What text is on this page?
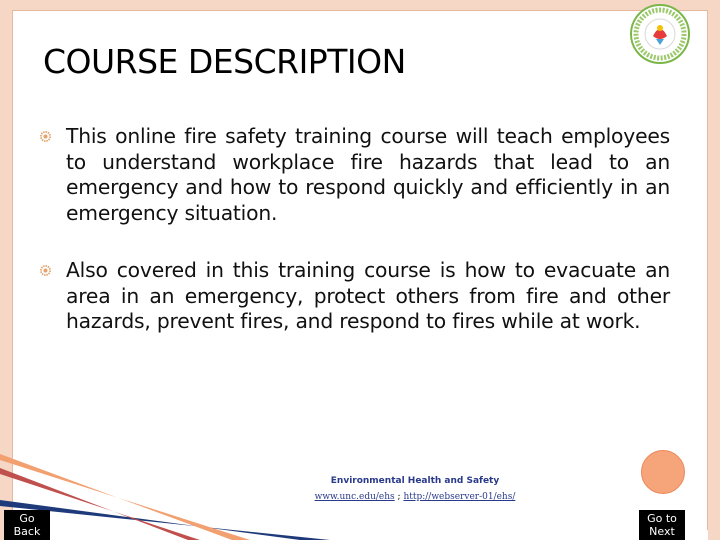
COURSE DESCRIPTION
This online fire safety training course will teach employees to understand workplace fire hazards that lead to an emergency and how to respond quickly and efficiently in an emergency situation.
Also covered in this training course is how to evacuate an area in an emergency, protect others from fire and other hazards, prevent fires, and respond to fires while at work.
Environmental Health and Safety
www.unc.edu/ehs ; http://webserver-01/ehs/
Go
Back
Go to
Next
